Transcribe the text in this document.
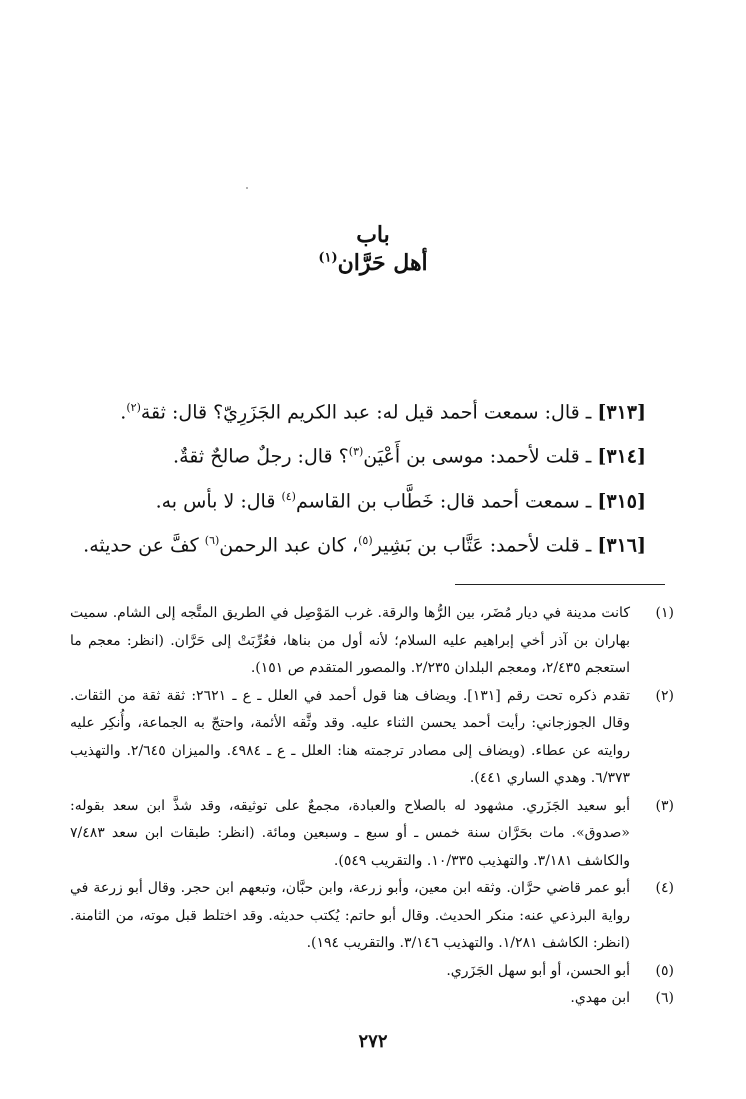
باب
أهل حَرَّان$^{(١)}$
[٣١٣] ـ قال: سمعت أحمد قيل له: عبد الكريم الجَزَرِيّ؟ قال: ثقة$^{(٢)}$.
[٣١٤] ـ قلت لأحمد: موسى بن أَعْيَن$^{(٣)}$؟ قال: رجلٌ صالحٌ ثقةٌ.
[٣١٥] ـ سمعت أحمد قال: خَطَّاب بن القاسم$^{(٤)}$ قال: لا بأس به.
[٣١٦] ـ قلت لأحمد: عَتَّاب بن بَشِير$^{(٥)}$، كان عبد الرحمن$^{(٦)}$ كفَّ عن حديثه.
(١)
كانت مدينة في ديار مُضَر، بين الرُّها والرقة. غرب المَوْصِل في الطريق المتَّجه إلى الشام. سميت بهاران بن آذر أخي إبراهيم عليه السلام؛ لأنه أول من بناها، فعُرِّبَتْ إلى حَرَّان. (انظر: معجم ما استعجم ٢/٤٣٥، ومعجم البلدان ٢/٢٣٥. والمصور المتقدم ص ١٥١).
(٢)
تقدم ذكره تحت رقم [١٣١]. ويضاف هنا قول أحمد في العلل ـ ع ـ ٢٦٢١: ثقة ثقة من الثقات. وقال الجوزجاني: رأيت أحمد يحسن الثناء عليه. وقد وثَّقه الأئمة، واحتجّ به الجماعة، وأُنكِر عليه روايته عن عطاء. (ويضاف إلى مصادر ترجمته هنا: العلل ـ ع ـ ٤٩٨٤. والميزان ٢/٦٤٥. والتهذيب ٦/٣٧٣. وهدي الساري ٤٤١).
(٣)
أبو سعيد الجَزَري. مشهود له بالصلاح والعبادة، مجمعٌ على توثيقه، وقد شذَّ ابن سعد بقوله: «صدوق». مات بحَرَّان سنة خمس ـ أو سبع ـ وسبعين ومائة. (انظر: طبقات ابن سعد ٧/٤٨٣ والكاشف ٣/١٨١. والتهذيب ١٠/٣٣٥. والتقريب ٥٤٩).
(٤)
أبو عمر قاضي حرَّان. وثقه ابن معين، وأبو زرعة، وابن حبَّان، وتبعهم ابن حجر. وقال أبو زرعة في رواية البرذعي عنه: منكر الحديث. وقال أبو حاتم: يُكتب حديثه. وقد اختلط قبل موته، من الثامنة. (انظر: الكاشف ١/٢٨١. والتهذيب ٣/١٤٦. والتقريب ١٩٤).
(٥)
أبو الحسن، أو أبو سهل الجَزَري.
(٦)
ابن مهدي.
٢٧٢
